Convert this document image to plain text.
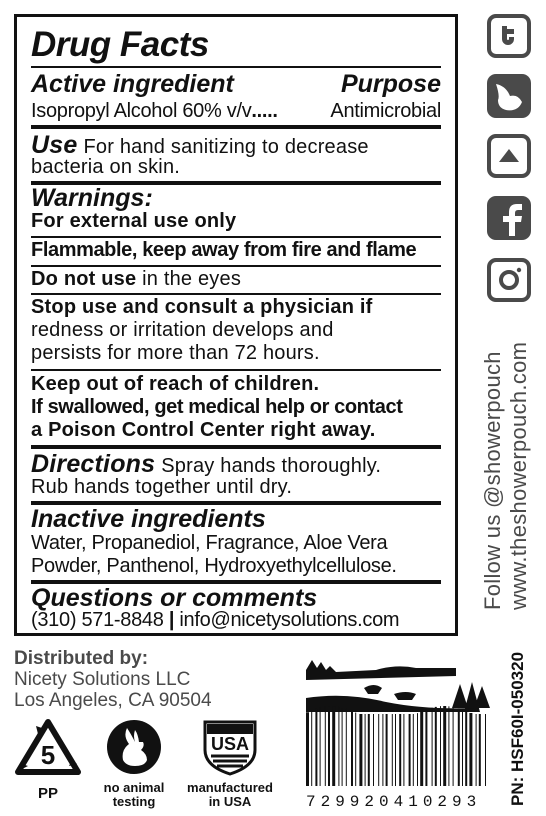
Drug Facts
Active ingredient	Purpose
Isopropyl Alcohol 60% v/v.....	Antimicrobial
Use For hand sanitizing to decrease
bacteria on skin.
Warnings:
For external use only
Flammable, keep away from fire and flame
Do not use in the eyes
Stop use and consult a physician if
redness or irritation develops and
persists for more than 72 hours.
Keep out of reach of children.
If swallowed, get medical help or contact
a Poison Control Center right away.
Directions Spray hands thoroughly.
Rub hands together until dry.
Inactive ingredients
Water, Propanediol, Fragrance, Aloe Vera
Powder, Panthenol, Hydroxyethylcellulose.
Questions or comments
(310) 571-8848 | info@nicetysolutions.com
Follow us @showerpouch www.theshowerpouch.com
PN: HSF60I-050320
Distributed by:
Nicety Solutions LLC
Los Angeles, CA 90504
5
PP	no animal
testing
USA
manufactured
in USA	729920410293
